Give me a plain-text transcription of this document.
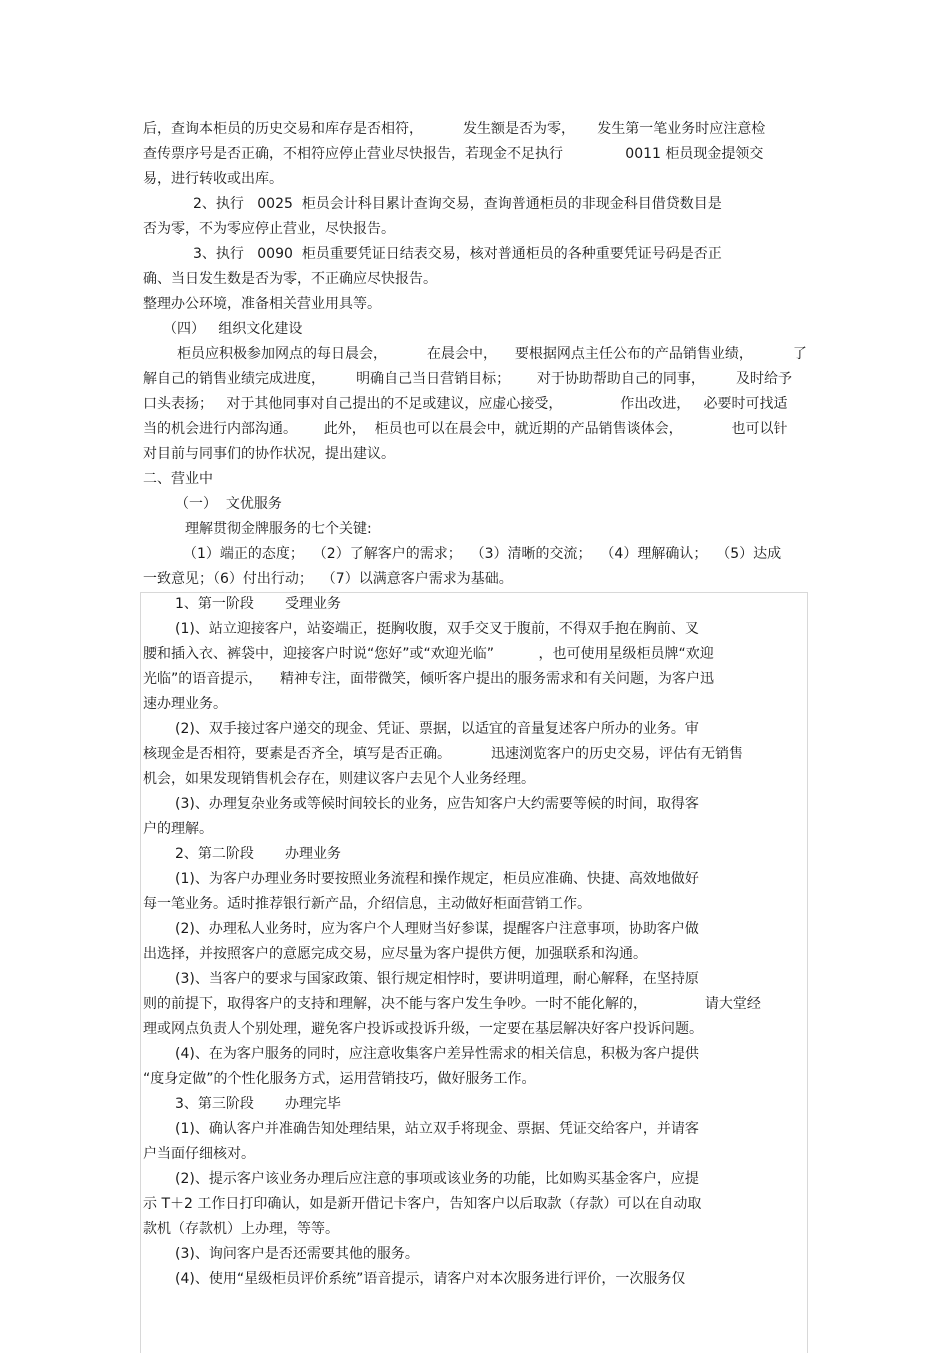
后，查询本柜员的历史交易和库存是否相符，         发生额是否为零，     发生第一笔业务时应注意检
查传票序号是否正确，不相符应停止营业尽快报告，若现金不足执行              0011 柜员现金提领交
易，进行转收或出库。
2、执行   0025  柜员会计科目累计查询交易，查询普通柜员的非现金科目借贷数目是
否为零，不为零应停止营业，尽快报告。
3、执行   0090  柜员重要凭证日结表交易，核对普通柜员的各种重要凭证号码是否正
确、当日发生数是否为零，不正确应尽快报告。
整理办公环境，准备相关营业用具等。
（四）   组织文化建设
柜员应积极参加网点的每日晨会，         在晨会中，    要根据网点主任公布的产品销售业绩，         了
解自己的销售业绩完成进度，       明确自己当日营销目标；      对于协助帮助自己的同事，       及时给予
口头表扬；   对于其他同事对自己提出的不足或建议，应虚心接受，             作出改进，   必要时可找适
当的机会进行内部沟通。      此外，  柜员也可以在晨会中，就近期的产品销售谈体会，           也可以针
对目前与同事们的协作状况，提出建议。
二、营业中
（一）  文优服务
理解贯彻金牌服务的七个关键:
（1）端正的态度；  （2）了解客户的需求；  （3）清晰的交流；  （4）理解确认；  （5）达成
一致意见；（6）付出行动；  （7）以满意客户需求为基础。
1、第一阶段       受理业务
(1)、站立迎接客户，站姿端正，挺胸收腹，双手交叉于腹前，不得双手抱在胸前、叉
腰和插入衣、裤袋中，迎接客户时说“您好”或“欢迎光临”          ，也可使用星级柜员牌“欢迎
光临”的语音提示，    精神专注，面带微笑，倾听客户提出的服务需求和有关问题，为客户迅
速办理业务。
(2)、双手接过客户递交的现金、凭证、票据，以适宜的音量复述客户所办的业务。审
核现金是否相符，要素是否齐全，填写是否正确。         迅速浏览客户的历史交易，评估有无销售
机会，如果发现销售机会存在，则建议客户去见个人业务经理。
(3)、办理复杂业务或等候时间较长的业务，应告知客户大约需要等候的时间，取得客
户的理解。
2、第二阶段       办理业务
(1)、为客户办理业务时要按照业务流程和操作规定，柜员应准确、快捷、高效地做好
每一笔业务。适时推荐银行新产品，介绍信息，主动做好柜面营销工作。
(2)、办理私人业务时，应为客户个人理财当好参谋，提醒客户注意事项，协助客户做
出选择，并按照客户的意愿完成交易，应尽量为客户提供方便，加强联系和沟通。
(3)、当客户的要求与国家政策、银行规定相悖时，要讲明道理，耐心解释，在坚持原
则的前提下，取得客户的支持和理解，决不能与客户发生争吵。一时不能化解的，             请大堂经
理或网点负责人个别处理，避免客户投诉或投诉升级，一定要在基层解决好客户投诉问题。
(4)、在为客户服务的同时，应注意收集客户差异性需求的相关信息，积极为客户提供
“度身定做”的个性化服务方式，运用营销技巧，做好服务工作。
3、第三阶段       办理完毕
(1)、确认客户并准确告知处理结果，站立双手将现金、票据、凭证交给客户，并请客
户当面仔细核对。
(2)、提示客户该业务办理后应注意的事项或该业务的功能，比如购买基金客户，应提
示 T＋2 工作日打印确认，如是新开借记卡客户，告知客户以后取款（存款）可以在自动取
款机（存款机）上办理，等等。
(3)、询问客户是否还需要其他的服务。
(4)、使用“星级柜员评价系统”语音提示，请客户对本次服务进行评价，一次服务仅
